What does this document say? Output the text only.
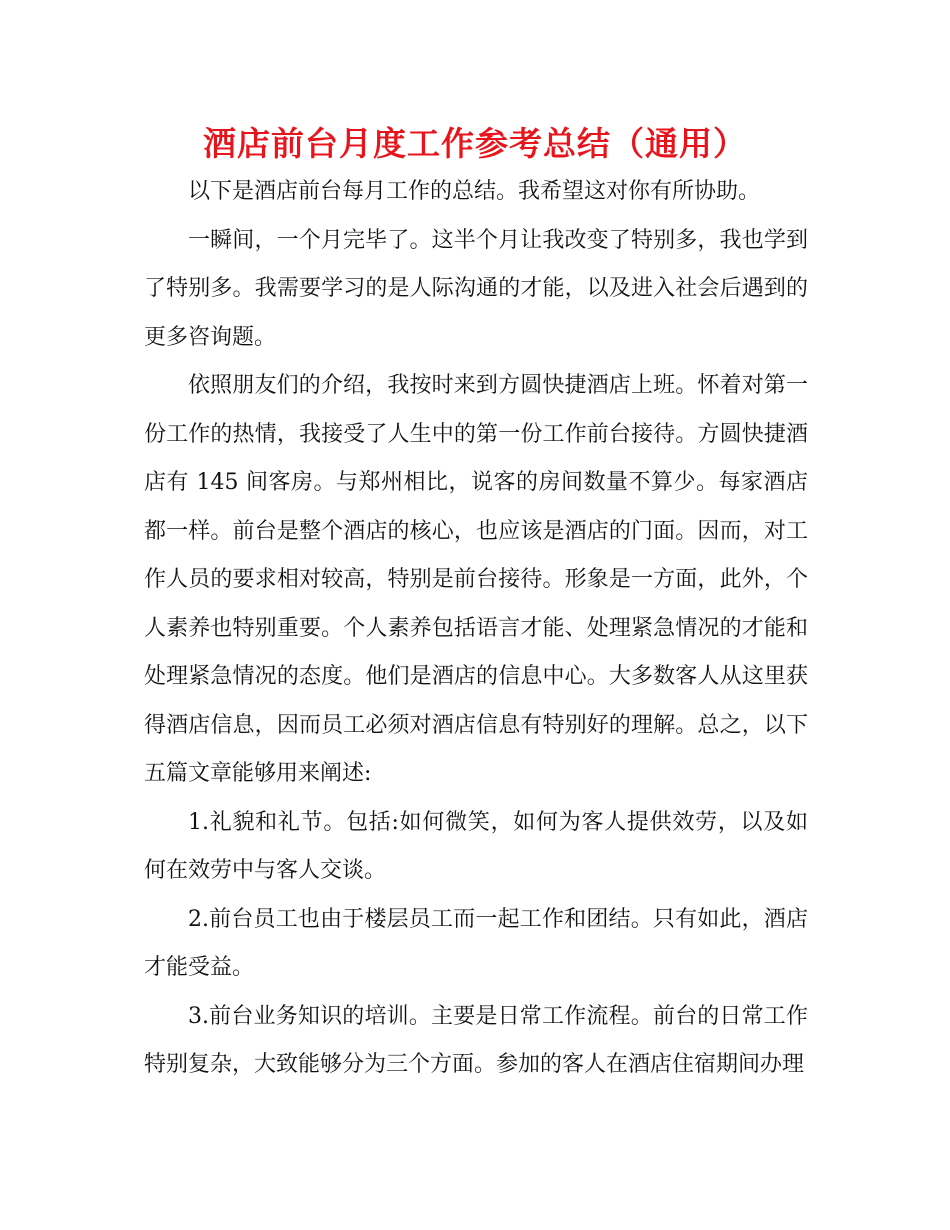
酒店前台月度工作参考总结（通用）

以下是酒店前台每月工作的总结。我希望这对你有所协助。

一瞬间，一个月完毕了。这半个月让我改变了特别多，我也学到了特别多。我需要学习的是人际沟通的才能，以及进入社会后遇到的更多咨询题。

依照朋友们的介绍，我按时来到方圆快捷酒店上班。怀着对第一份工作的热情，我接受了人生中的第一份工作前台接待。方圆快捷酒店有 145 间客房。与郑州相比，说客的房间数量不算少。每家酒店都一样。前台是整个酒店的核心，也应该是酒店的门面。因而，对工作人员的要求相对较高，特别是前台接待。形象是一方面，此外，个人素养也特别重要。个人素养包括语言才能、处理紧急情况的才能和处理紧急情况的态度。他们是酒店的信息中心。大多数客人从这里获得酒店信息，因而员工必须对酒店信息有特别好的理解。总之，以下五篇文章能够用来阐述:

1.礼貌和礼节。包括:如何微笑，如何为客人提供效劳，以及如何在效劳中与客人交谈。

2.前台员工也由于楼层员工而一起工作和团结。只有如此，酒店才能受益。

3.前台业务知识的培训。主要是日常工作流程。前台的日常工作特别复杂，大致能够分为三个方面。参加的客人在酒店住宿期间办理
